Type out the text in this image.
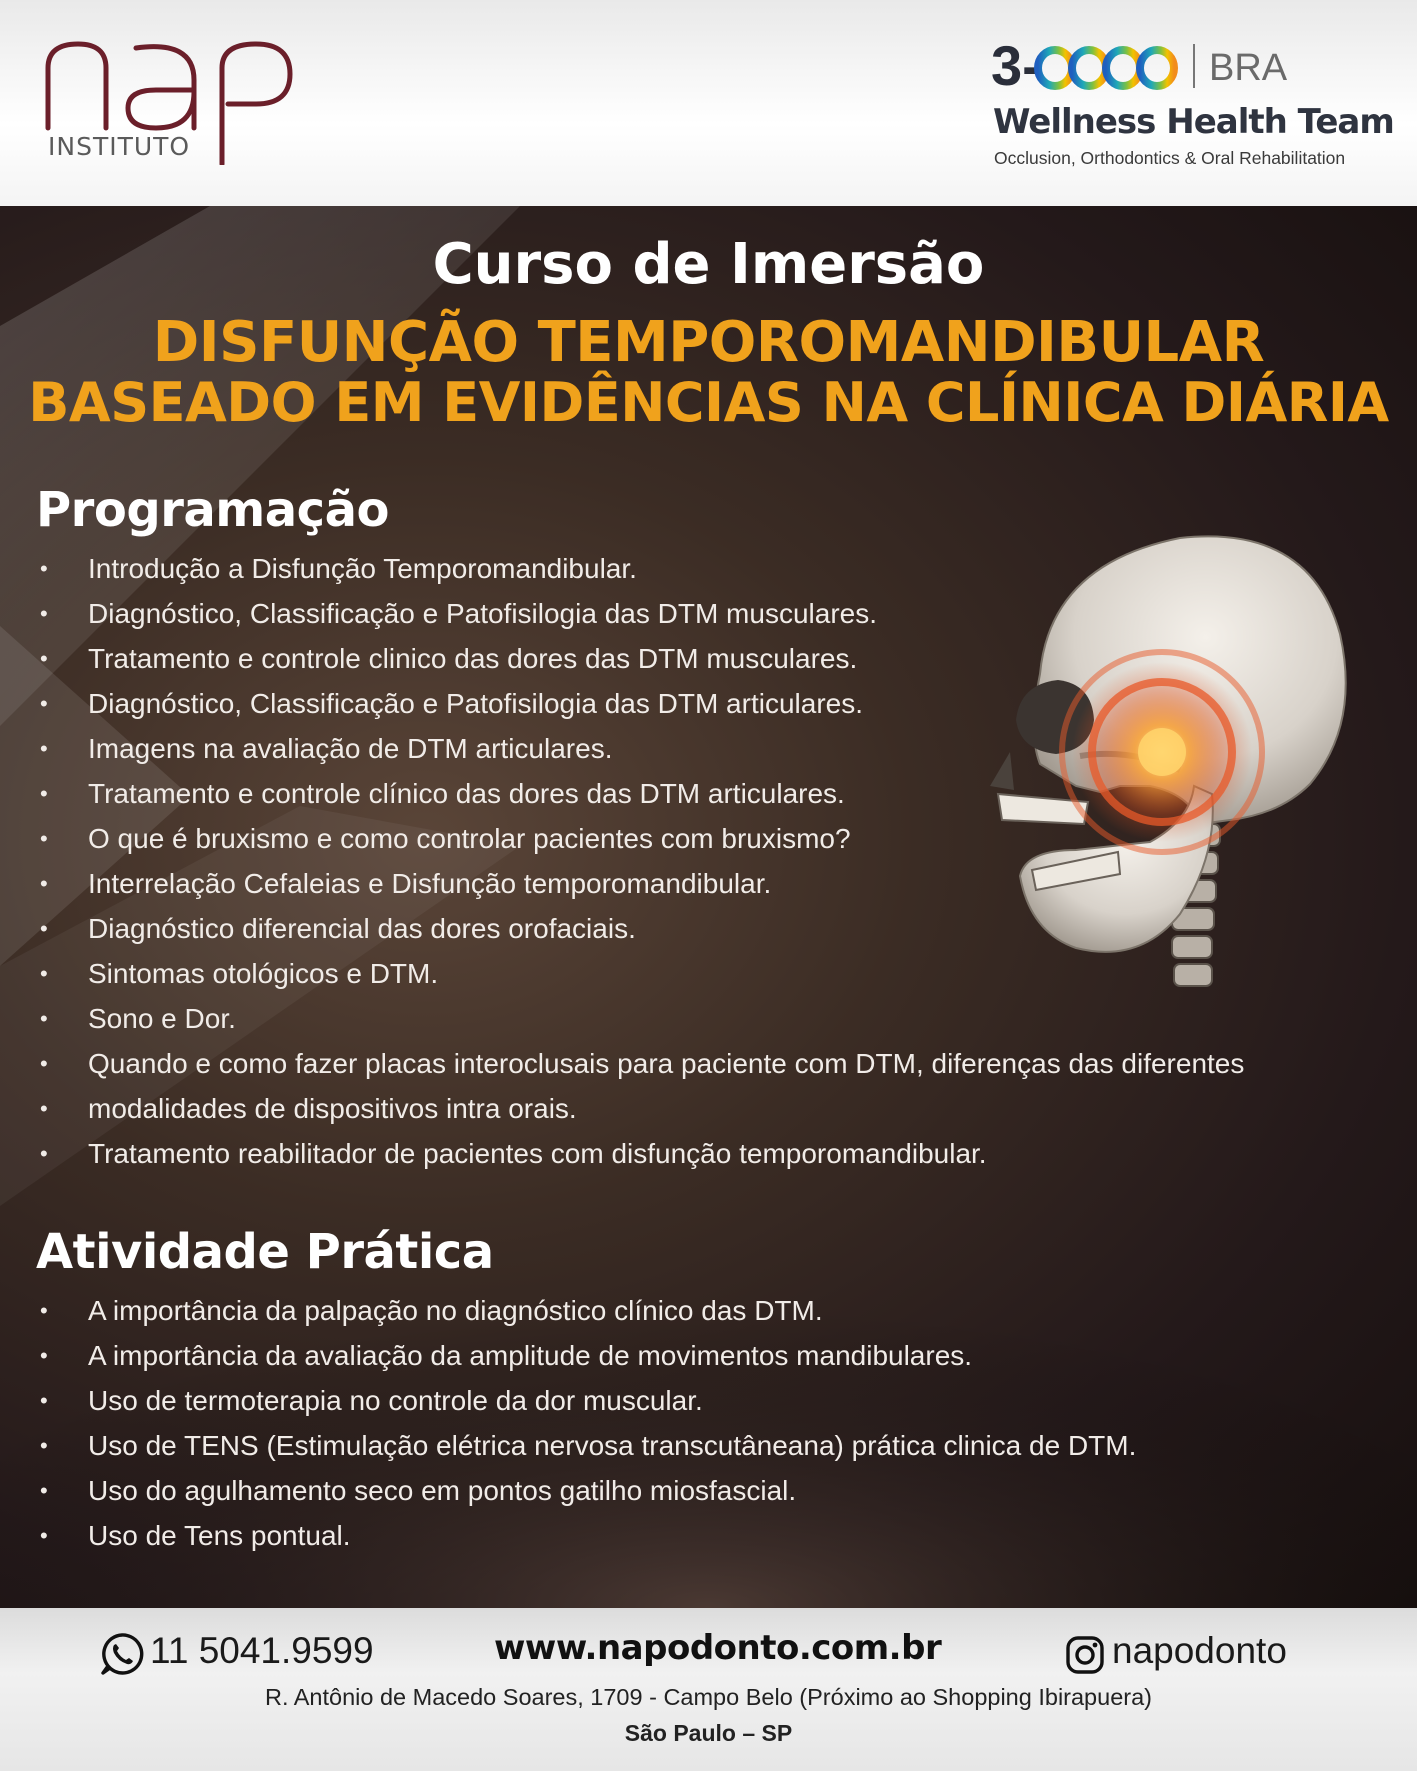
INSTITUTO
3-	BRA
Wellness Health Team
Occlusion, Orthodontics & Oral Rehabilitation
Curso de Imersão
DISFUNÇÃO TEMPOROMANDIBULAR
BASEADO EM EVIDÊNCIAS NA CLÍNICA DIÁRIA
Programação
• Introdução a Disfunção Temporomandibular.
• Diagnóstico, Classificação e Patofisilogia das DTM musculares.
• Tratamento e controle clinico das dores das DTM musculares.
• Diagnóstico, Classificação e Patofisilogia das DTM articulares.
• Imagens na avaliação de DTM articulares.
• Tratamento e controle clínico das dores das DTM articulares.
• O que é bruxismo e como controlar pacientes com bruxismo?
• Interrelação Cefaleias e Disfunção temporomandibular.
• Diagnóstico diferencial das dores orofaciais.
• Sintomas otológicos e DTM.
• Sono e Dor.
• Quando e como fazer placas interoclusais para paciente com DTM, diferenças das diferentes
• modalidades de dispositivos intra orais.
• Tratamento reabilitador de pacientes com disfunção temporomandibular.
Atividade Prática
• A importância da palpação no diagnóstico clínico das DTM.
• A importância da avaliação da amplitude de movimentos mandibulares.
• Uso de termoterapia no controle da dor muscular.
• Uso de TENS (Estimulação elétrica nervosa transcutâneana) prática clinica de DTM.
• Uso do agulhamento seco em pontos gatilho miosfascial.
• Uso de Tens pontual.
11 5041.9599	www.napodonto.com.br	napodonto
R. Antônio de Macedo Soares, 1709 - Campo Belo (Próximo ao Shopping Ibirapuera)
São Paulo – SP
